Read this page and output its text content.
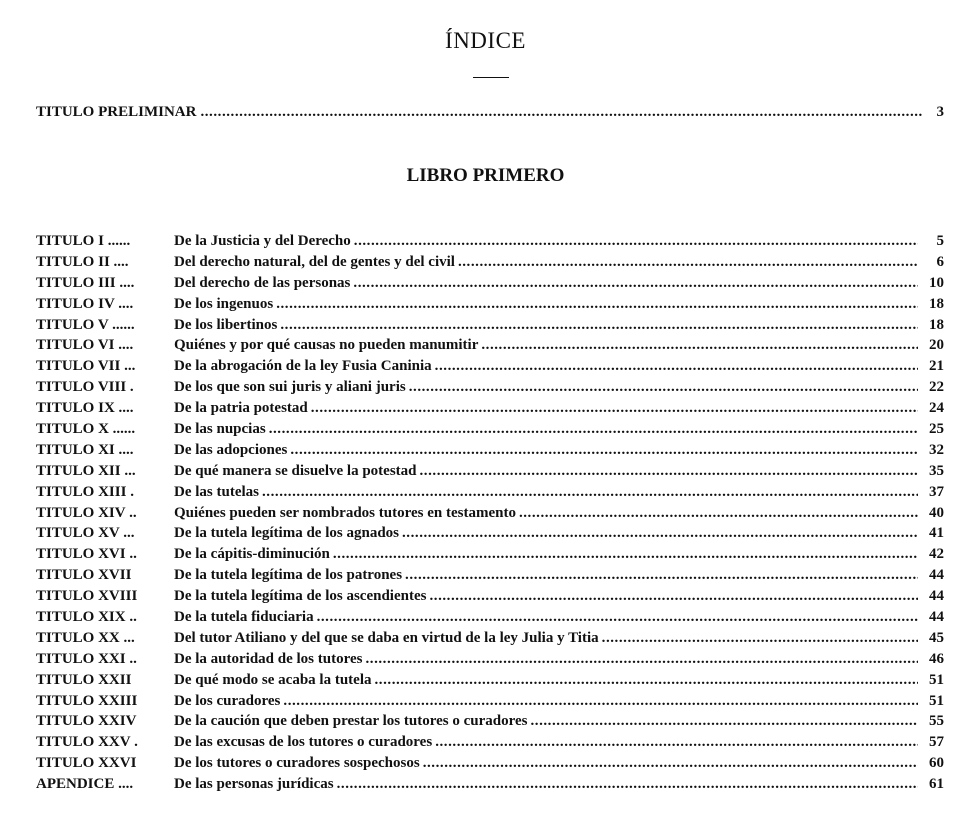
ÍNDICE
TITULO PRELIMINAR . . .	3
LIBRO PRIMERO
TITULO I ......	De la Justicia y del Derecho . . .	5
TITULO II ....	Del derecho natural, del de gentes y del civil . . .	6
TITULO III ....	Del derecho de las personas . . .	10
TITULO IV ....	De los ingenuos . . .	18
TITULO V ......	De los libertinos . . .	18
TITULO VI ....	Quiénes y por qué causas no pueden manumitir . . .	20
TITULO VII ...	De la abrogación de la ley Fusia Caninia . . .	21
TITULO VIII .	De los que son sui juris y aliani juris . . .	22
TITULO IX ....	De la patria potestad . . .	24
TITULO X ......	De las nupcias . . .	25
TITULO XI ....	De las adopciones . . .	32
TITULO XII ...	De qué manera se disuelve la potestad . . .	35
TITULO XIII .	De las tutelas . . .	37
TITULO XIV ..	Quiénes pueden ser nombrados tutores en testamento . . .	40
TITULO XV ...	De la tutela legítima de los agnados . . .	41
TITULO XVI ..	De la cápitis-diminución . . .	42
TITULO XVII	De la tutela legítima de los patrones . . .	44
TITULO XVIII	De la tutela legítima de los ascendientes . . .	44
TITULO XIX ..	De la tutela fiduciaria . . .	44
TITULO XX ...	Del tutor Atiliano y del que se daba en virtud de la ley Julia y Titia . . .	45
TITULO XXI ..	De la autoridad de los tutores . . .	46
TITULO XXII	De qué modo se acaba la tutela . . .	51
TITULO XXIII	De los curadores . . .	51
TITULO XXIV	De la caución que deben prestar los tutores o curadores . . .	55
TITULO XXV .	De las excusas de los tutores o curadores . . .	57
TITULO XXVI	De los tutores o curadores sospechosos . . .	60
APENDICE ....	De las personas jurídicas . . .	61
